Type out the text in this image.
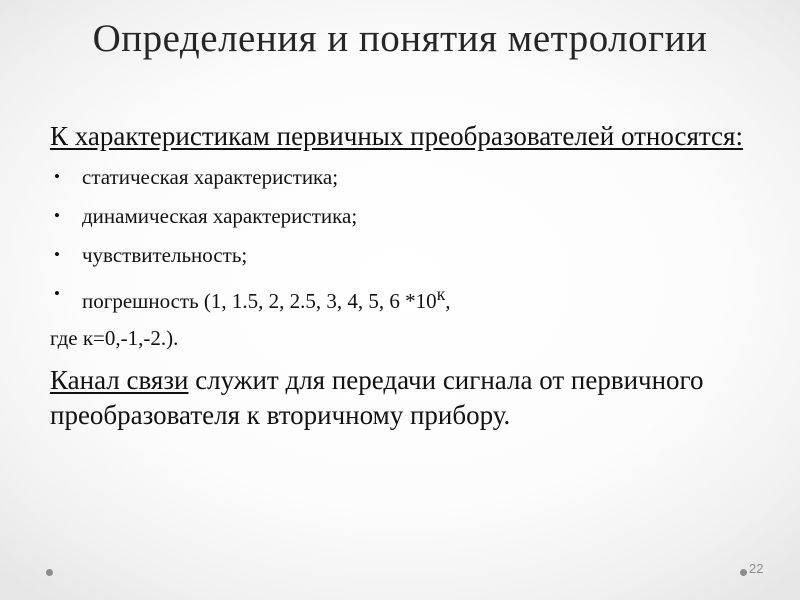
Определения и понятия метрологии

К характеристикам первичных преобразователей относятся:

• статическая характеристика;
• динамическая характеристика;
• чувствительность;
• погрешность (1, 1.5, 2, 2.5, 3, 4, 5, 6 $*10^к$,

где к=0,-1,-2.).

Канал связи служит для передачи сигнала от первичного преобразователя к вторичному прибору.

22
